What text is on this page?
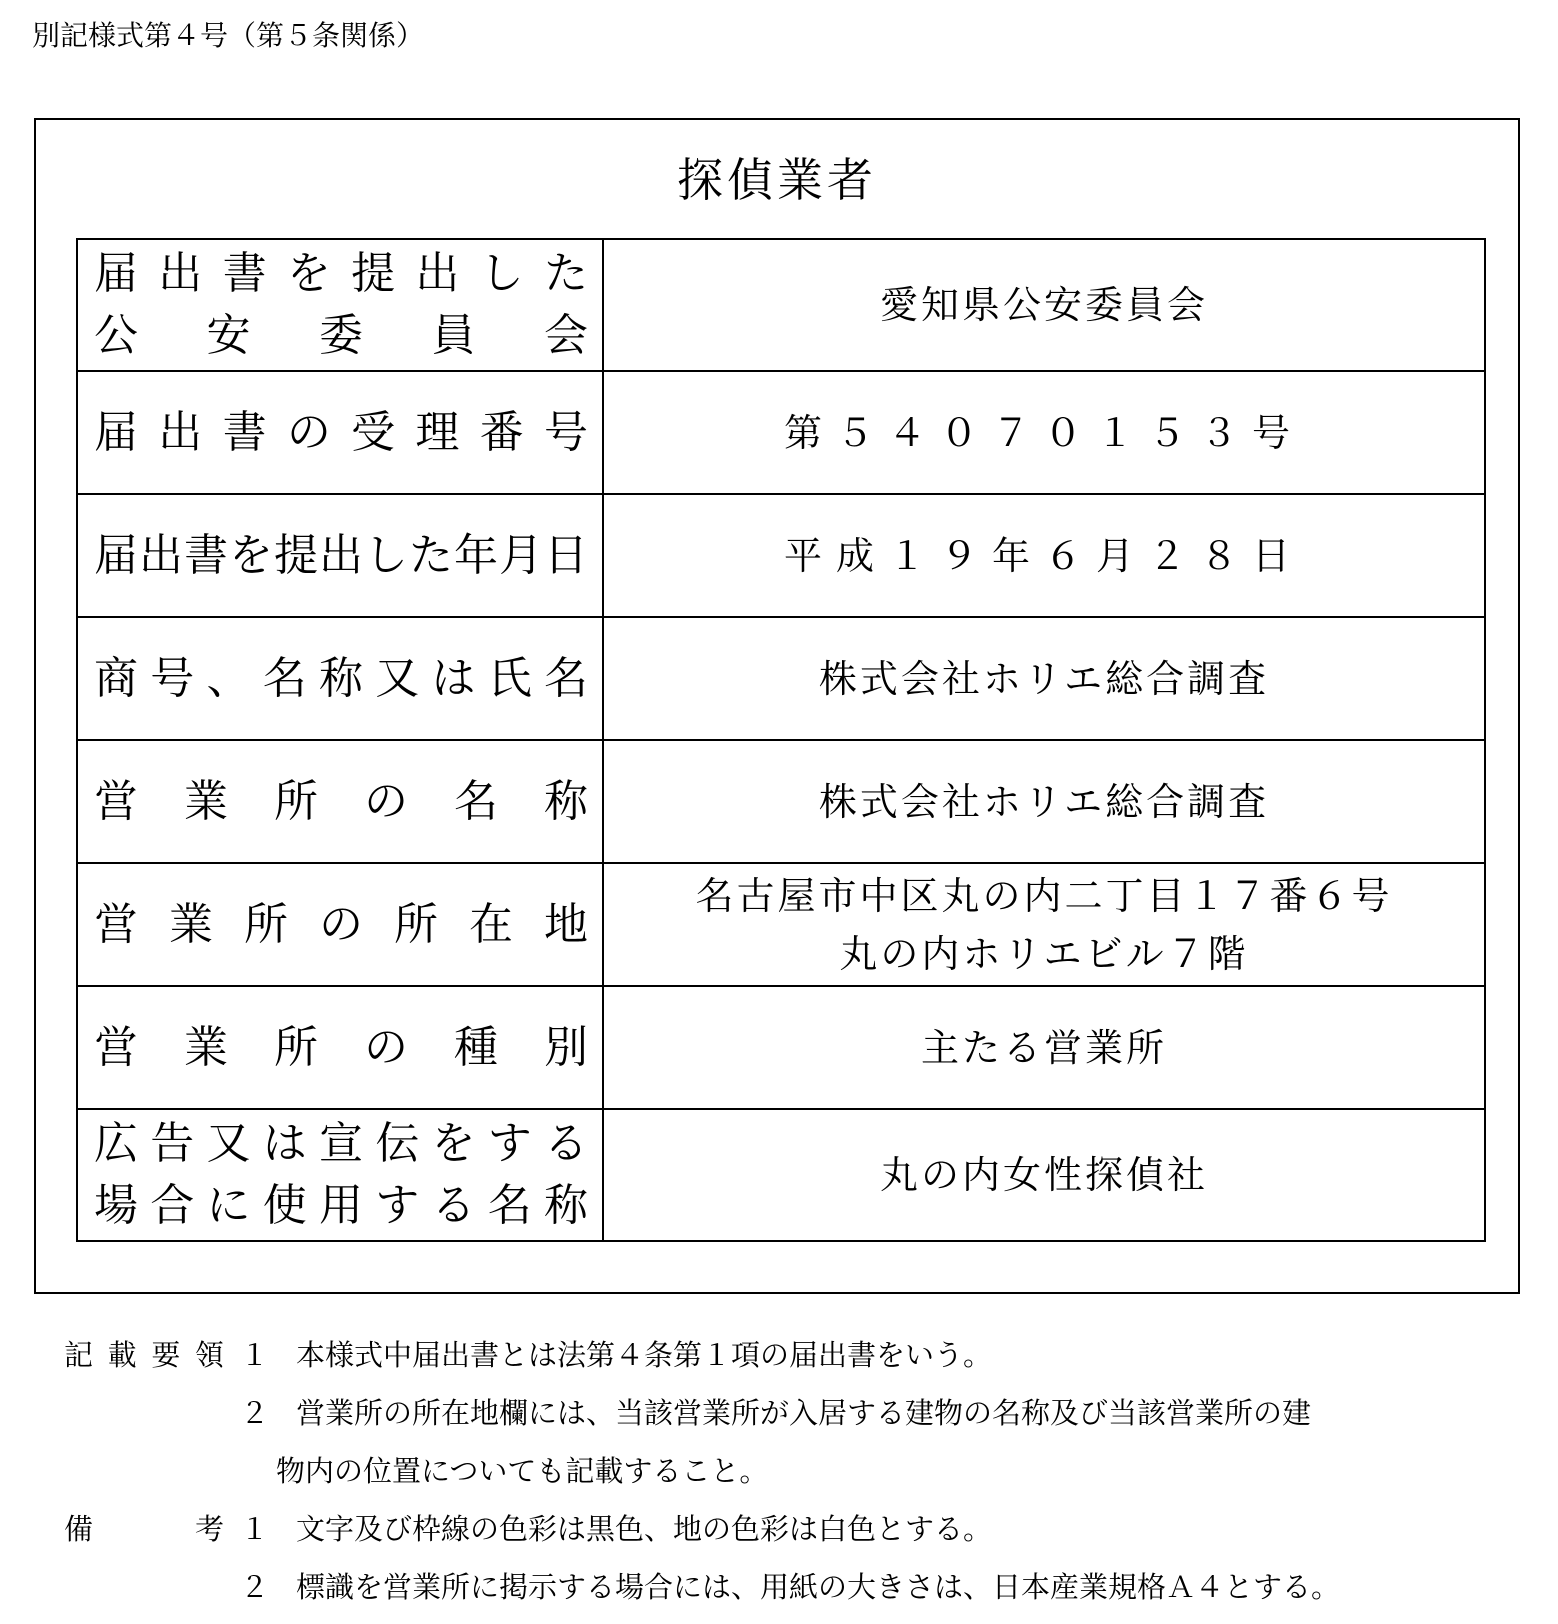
別記様式第４号（第５条関係）
探偵業者
届出書を提出した
公安委員会	愛知県公安委員会

届出書の受理番号	第５４０７０１５３号

届出書を提出した年月日	平成１９年６月２８日

商号、名称又は氏名	株式会社ホリエ総合調査

営業所の名称	株式会社ホリエ総合調査

営業所の所在地	名古屋市中区丸の内二丁目１７番６号
丸の内ホリエビル７階

営業所の種別	主たる営業所

広告又は宣伝をする
場合に使用する名称	丸の内女性探偵社
記載要領 １ 本様式中届出書とは法第４条第１項の届出書をいう。
２ 営業所の所在地欄には、当該営業所が入居する建物の名称及び当該営業所の建
物内の位置についても記載すること。
備考 １ 文字及び枠線の色彩は黒色、地の色彩は白色とする。
２ 標識を営業所に掲示する場合には、用紙の大きさは、日本産業規格Ａ４とする。
